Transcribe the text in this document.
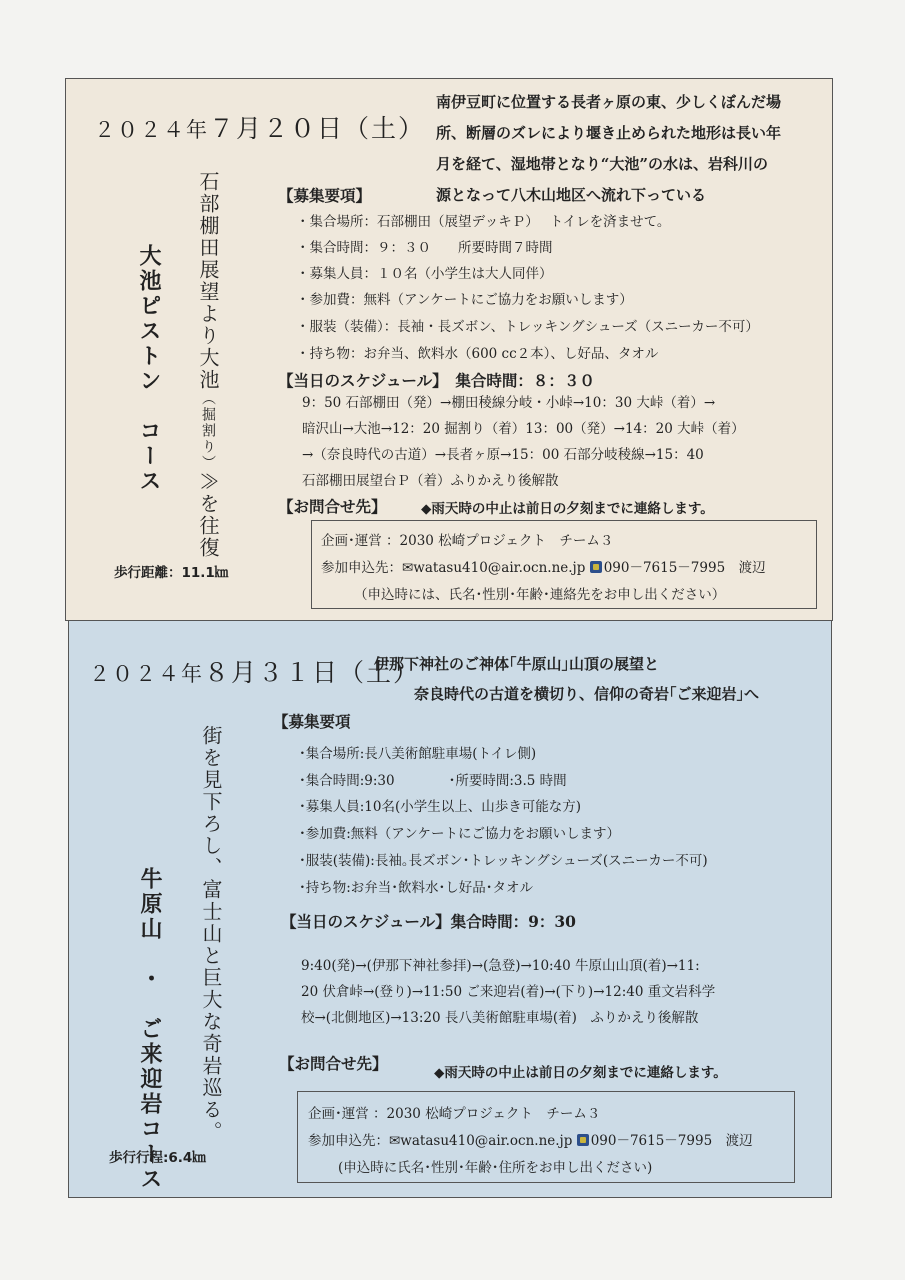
２０２４年７月２０日（土）
南伊豆町に位置する長者ヶ原の東、少しくぼんだ場
所、断層のズレにより堰き止められた地形は長い年
月を経て、湿地帯となり“大池”の水は、岩科川の
源となって八木山地区へ流れ下っている
大池ピストン　コース 石部棚田展望より大池（掘割り）≫を往復
歩行距離：11.1㎞
【募集要項】
・集合場所：石部棚田（展望デッキＰ）　 トイレを済ませて。
・集合時間：９：３０　　所要時間７時間
・募集人員：１０名（小学生は大人同伴）
・参加費：無料（アンケートにご協力をお願いします）
・服装（装備）：長袖・長ズボン、トレッキングシューズ（スニーカー不可）
・持ち物：お弁当、飲料水（600 cc２本）、し好品、タオル
【当日のスケジュール】　集合時間：８：３０
9：50 石部棚田（発）→棚田稜線分岐・小峠→10：30 大峠（着）→
暗沢山→大池→12：20 掘割り（着）13：00（発）→14：20 大峠（着）
→（奈良時代の古道）→長者ヶ原→15：00 石部分岐稜線→15：40
石部棚田展望台Ｐ（着）ふりかえり後解散
【お問合せ先】	◆雨天時の中止は前日の夕刻までに連絡します。
企画･運営 ：2030 松崎プロジェクト　チーム３
参加申込先：✉watasu410@air.ocn.ne.jp 090－7615－7995　渡辺
（申込時には、氏名･性別･年齢･連絡先をお申し出ください）
２０２４年８月３１日（土）
伊那下神社のご神体｢牛原山｣山頂の展望と
奈良時代の古道を横切り、信仰の奇岩｢ご来迎岩｣へ
牛原山　・　ご来迎岩コース 街を見下ろし、富士山と巨大な奇岩巡る。
歩行行程:6.4㎞
【募集要項
･集合場所:長八美術館駐車場(トイレ側)
･集合時間:9:30　　　　･所要時間:3.5 時間
･募集人員:10名(小学生以上、山歩き可能な方)
･参加費:無料（アンケートにご協力をお願いします）
･服装(装備):長袖｡長ズボン･トレッキングシューズ(スニーカー不可)
･持ち物:お弁当･飲料水･し好品･タオル
【当日のスケジュール】集合時間：9：30
9:40(発)→(伊那下神社参拝)→(急登)→10:40 牛原山山頂(着)→11:
20 伏倉峠→(登り)→11:50 ご来迎岩(着)→(下り)→12:40 重文岩科学
校→(北側地区)→13:20 長八美術館駐車場(着)　ふりかえり後解散
【お問合せ先】	◆雨天時の中止は前日の夕刻までに連絡します。
企画･運営 ：2030 松崎プロジェクト　チーム３
参加申込先：✉watasu410@air.ocn.ne.jp 090－7615－7995　渡辺
(申込時に氏名･性別･年齢･住所をお申し出ください)
